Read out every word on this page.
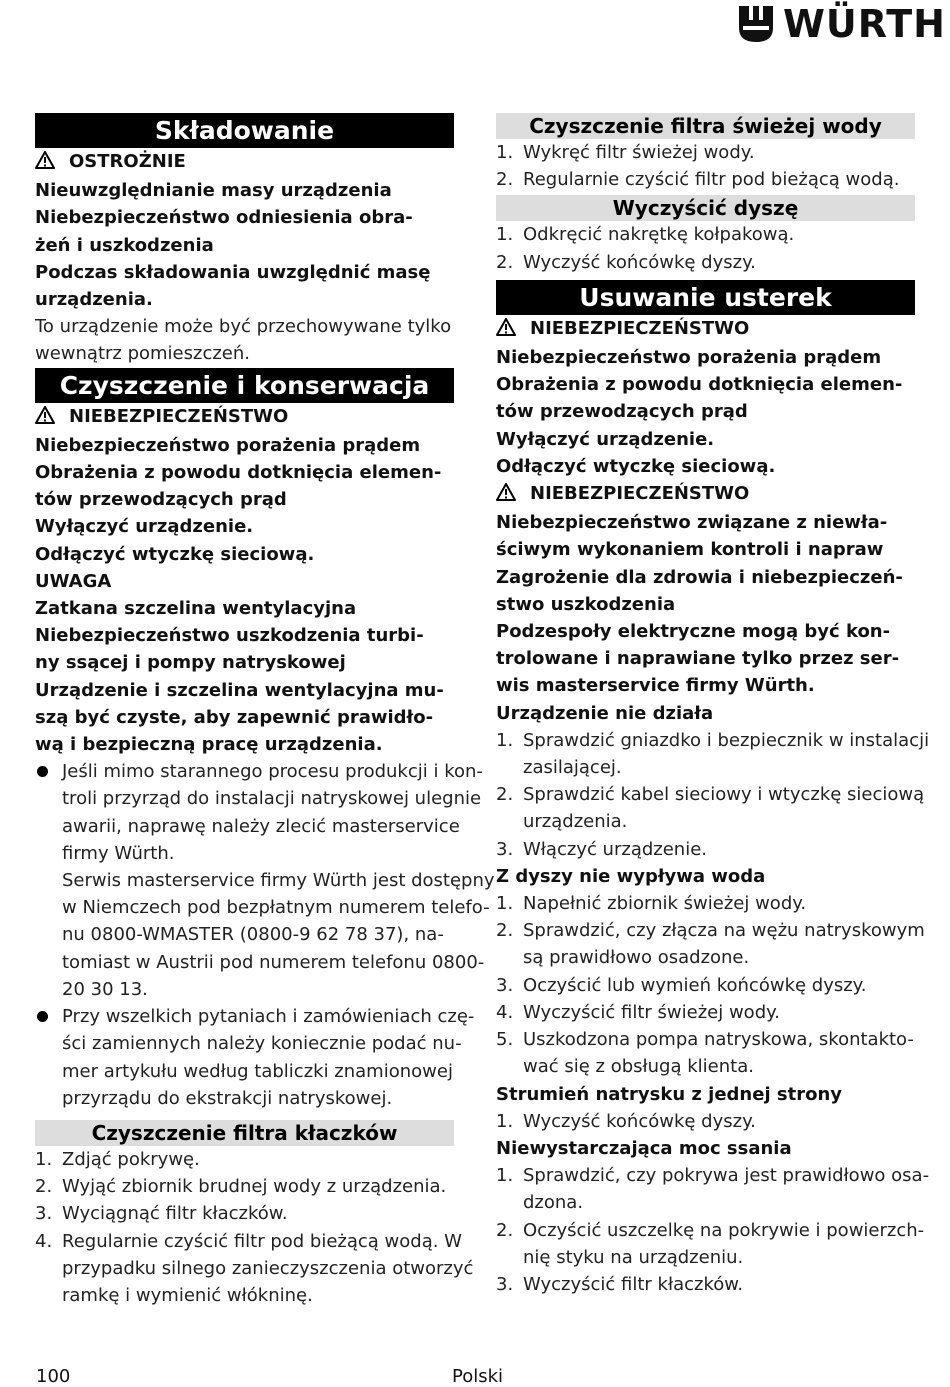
WÜRTH
Składowanie
OSTROŻNIE
Nieuwzględnianie masy urządzenia
Niebezpieczeństwo odniesienia obra-
żeń i uszkodzenia
Podczas składowania uwzględnić masę
urządzenia.
To urządzenie może być przechowywane tylko
wewnątrz pomieszczeń.
Czyszczenie i konserwacja
NIEBEZPIECZEŃSTWO
Niebezpieczeństwo porażenia prądem
Obrażenia z powodu dotknięcia elemen-
tów przewodzących prąd
Wyłączyć urządzenie.
Odłączyć wtyczkę sieciową.
UWAGA
Zatkana szczelina wentylacyjna
Niebezpieczeństwo uszkodzenia turbi-
ny ssącej i pompy natryskowej
Urządzenie i szczelina wentylacyjna mu-
szą być czyste, aby zapewnić prawidło-
wą i bezpieczną pracę urządzenia.
Jeśli mimo starannego procesu produkcji i kon-
troli przyrząd do instalacji natryskowej ulegnie
awarii, naprawę należy zlecić masterservice
firmy Würth.
Serwis masterservice firmy Würth jest dostępny
w Niemczech pod bezpłatnym numerem telefo-
nu 0800-WMASTER (0800-9 62 78 37), na-
tomiast w Austrii pod numerem telefonu 0800-
20 30 13.
Przy wszelkich pytaniach i zamówieniach czę-
ści zamiennych należy koniecznie podać nu-
mer artykułu według tabliczki znamionowej
przyrządu do ekstrakcji natryskowej.
Czyszczenie filtra kłaczków
1. Zdjąć pokrywę.
2. Wyjąć zbiornik brudnej wody z urządzenia.
3. Wyciągnąć filtr kłaczków.
4. Regularnie czyścić filtr pod bieżącą wodą. W
przypadku silnego zanieczyszczenia otworzyć
ramkę i wymienić włókninę.
Czyszczenie filtra świeżej wody
1. Wykręć filtr świeżej wody.
2. Regularnie czyścić filtr pod bieżącą wodą.
Wyczyścić dyszę
1. Odkręcić nakrętkę kołpakową.
2. Wyczyść końcówkę dyszy.
Usuwanie usterek
NIEBEZPIECZEŃSTWO
Niebezpieczeństwo porażenia prądem
Obrażenia z powodu dotknięcia elemen-
tów przewodzących prąd
Wyłączyć urządzenie.
Odłączyć wtyczkę sieciową.
NIEBEZPIECZEŃSTWO
Niebezpieczeństwo związane z niewła-
ściwym wykonaniem kontroli i napraw
Zagrożenie dla zdrowia i niebezpieczeń-
stwo uszkodzenia
Podzespoły elektryczne mogą być kon-
trolowane i naprawiane tylko przez ser-
wis masterservice firmy Würth.
Urządzenie nie działa
1. Sprawdzić gniazdko i bezpiecznik w instalacji
zasilającej.
2. Sprawdzić kabel sieciowy i wtyczkę sieciową
urządzenia.
3. Włączyć urządzenie.
Z dyszy nie wypływa woda
1. Napełnić zbiornik świeżej wody.
2. Sprawdzić, czy złącza na wężu natryskowym
są prawidłowo osadzone.
3. Oczyścić lub wymień końcówkę dyszy.
4. Wyczyścić filtr świeżej wody.
5. Uszkodzona pompa natryskowa, skontakto-
wać się z obsługą klienta.
Strumień natrysku z jednej strony
1. Wyczyść końcówkę dyszy.
Niewystarczająca moc ssania
1. Sprawdzić, czy pokrywa jest prawidłowo osa-
dzona.
2. Oczyścić uszczelkę na pokrywie i powierzch-
nię styku na urządzeniu.
3. Wyczyścić filtr kłaczków.
100	Polski
